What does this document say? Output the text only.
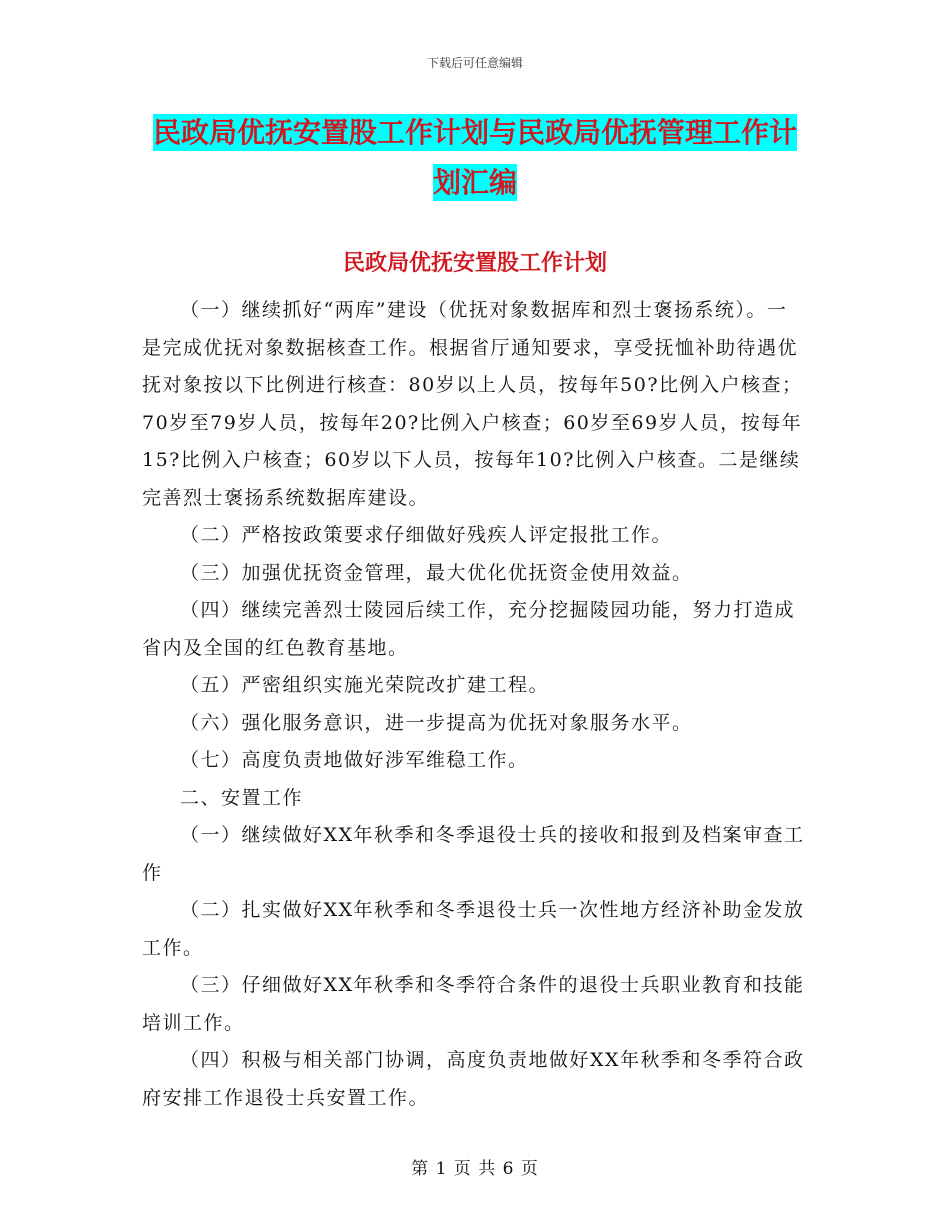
下载后可任意编辑
民政局优抚安置股工作计划与民政局优抚管理工作计
划汇编
民政局优抚安置股工作计划

（一）继续抓好“两库”建设（优抚对象数据库和烈士褒扬系统）。一是完成优抚对象数据核查工作。根据省厅通知要求，享受抚恤补助待遇优抚对象按以下比例进行核查：80岁以上人员，按每年50?比例入户核查；70岁至79岁人员，按每年20?比例入户核查；60岁至69岁人员，按每年15?比例入户核查；60岁以下人员，按每年10?比例入户核查。二是继续完善烈士褒扬系统数据库建设。

（二）严格按政策要求仔细做好残疾人评定报批工作。

（三）加强优抚资金管理，最大优化优抚资金使用效益。

（四）继续完善烈士陵园后续工作，充分挖掘陵园功能，努力打造成省内及全国的红色教育基地。

（五）严密组织实施光荣院改扩建工程。

（六）强化服务意识，进一步提高为优抚对象服务水平。

（七）高度负责地做好涉军维稳工作。

二、安置工作

（一）继续做好XX年秋季和冬季退役士兵的接收和报到及档案审查工作

（二）扎实做好XX年秋季和冬季退役士兵一次性地方经济补助金发放工作。

（三）仔细做好XX年秋季和冬季符合条件的退役士兵职业教育和技能培训工作。

（四）积极与相关部门协调，高度负责地做好XX年秋季和冬季符合政府安排工作退役士兵安置工作。

第 1 页 共 6 页
